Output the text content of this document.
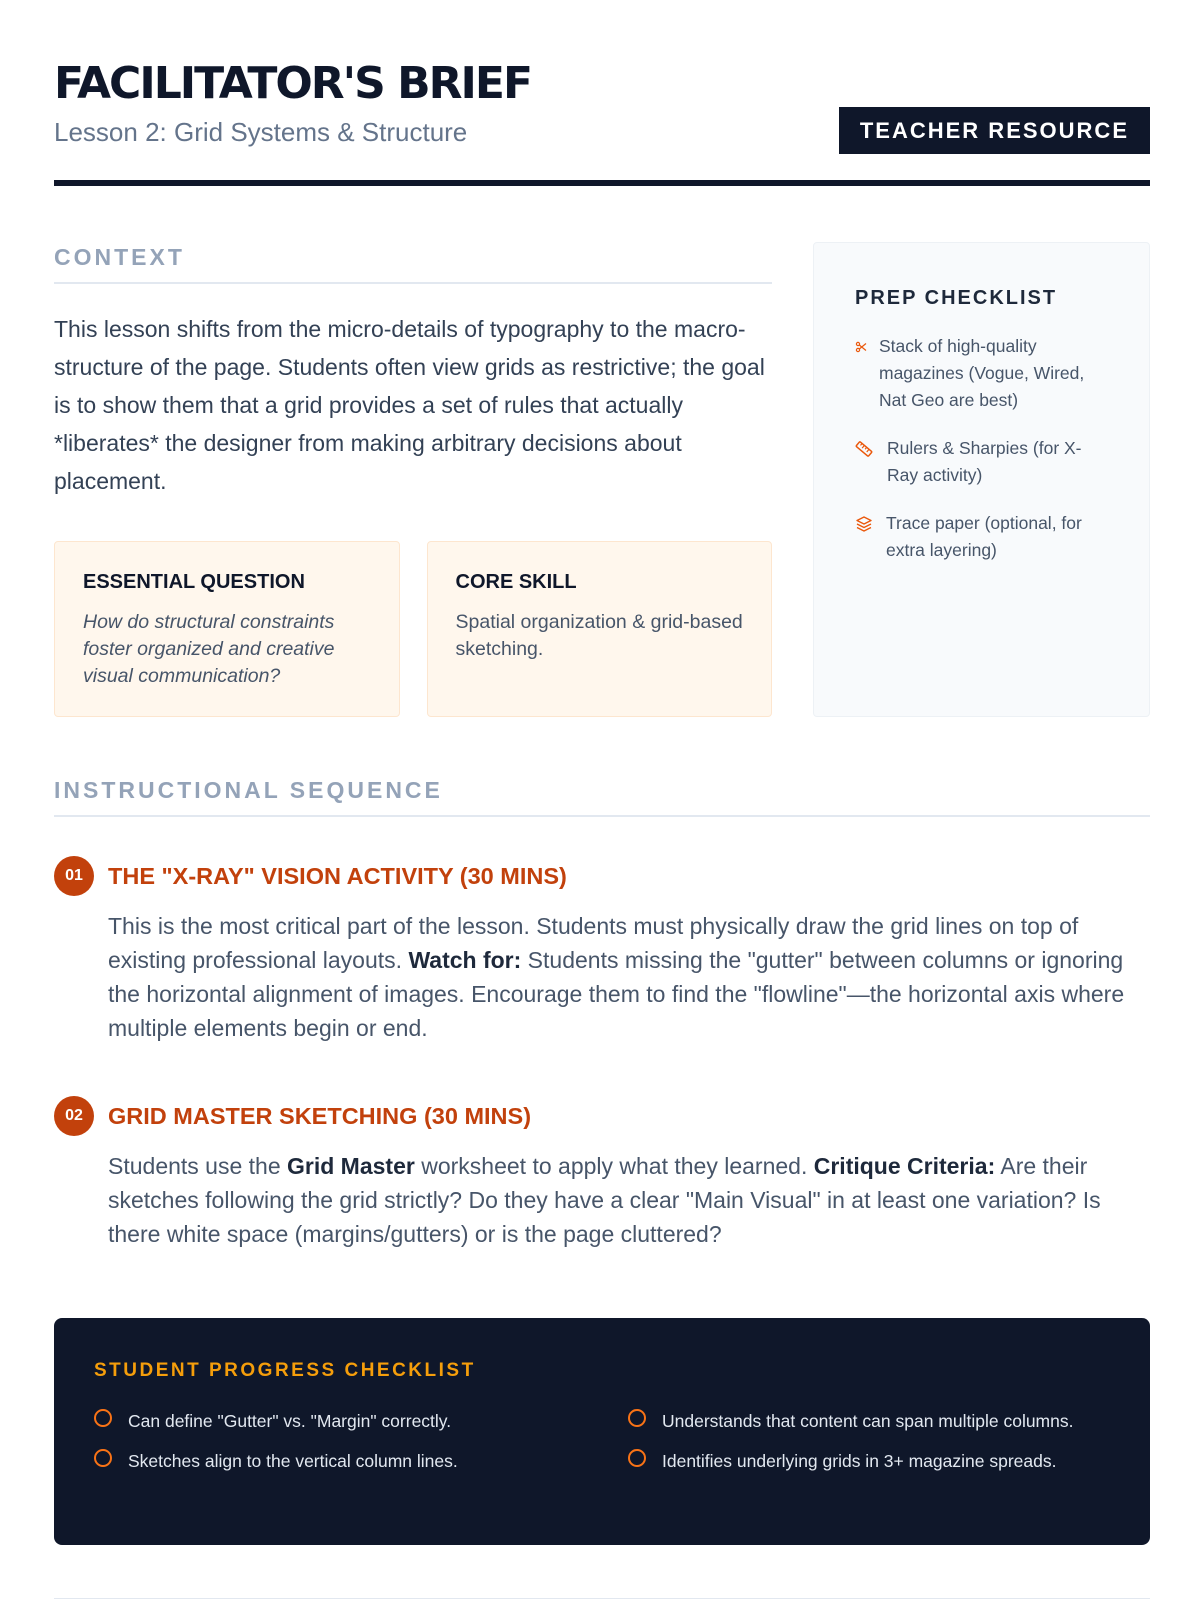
FACILITATOR'S BRIEF
Lesson 2: Grid Systems & Structure	TEACHER RESOURCE
CONTEXT

This lesson shifts from the micro-details of typography to the macro-structure of the page. Students often view grids as restrictive; the goal is to show them that a grid provides a set of rules that actually *liberates* the designer from making arbitrary decisions about placement.

ESSENTIAL QUESTION
How do structural constraints foster organized and creative visual communication?
CORE SKILL
Spatial organization & grid-based sketching.
PREP CHECKLIST
Stack of high-quality magazines (Vogue, Wired, Nat Geo are best)
Rulers & Sharpies (for X-Ray activity)
Trace paper (optional, for extra layering)
INSTRUCTIONAL SEQUENCE
01	THE "X-RAY" VISION ACTIVITY (30 MINS)

This is the most critical part of the lesson. Students must physically draw the grid lines on top of existing professional layouts. Watch for: Students missing the "gutter" between columns or ignoring the horizontal alignment of images. Encourage them to find the "flowline"—the horizontal axis where multiple elements begin or end.

02	GRID MASTER SKETCHING (30 MINS)

Students use the Grid Master worksheet to apply what they learned. Critique Criteria: Are their sketches following the grid strictly? Do they have a clear "Main Visual" in at least one variation? Is there white space (margins/gutters) or is the page cluttered?

STUDENT PROGRESS CHECKLIST
Can define "Gutter" vs. "Margin" correctly.
Sketches align to the vertical column lines.
Understands that content can span multiple columns.
Identifies underlying grids in 3+ magazine spreads.
